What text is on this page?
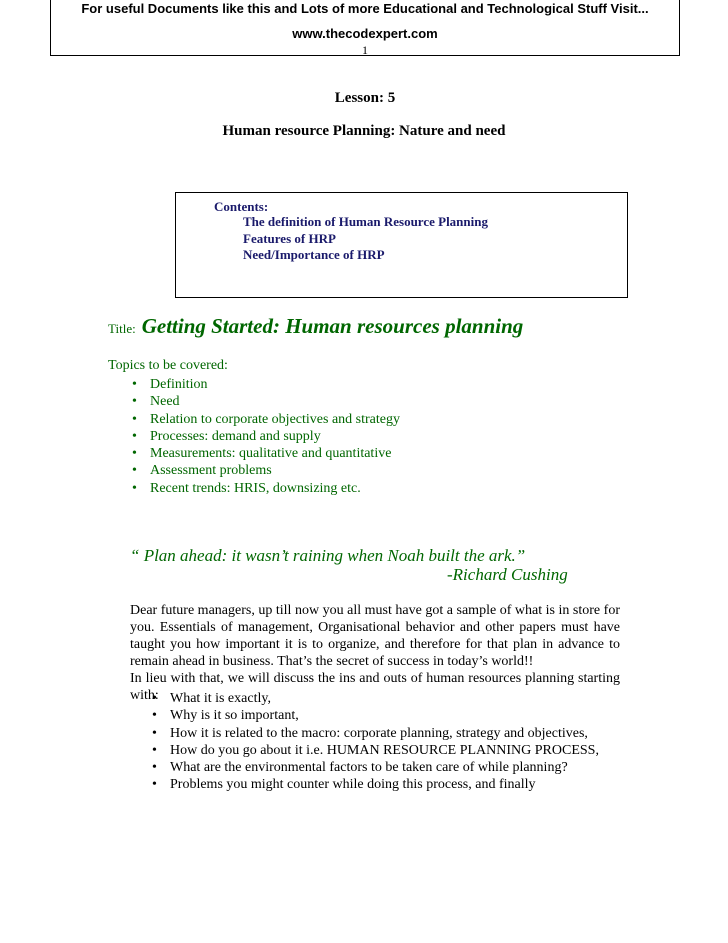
For useful Documents like this and Lots of more Educational and Technological Stuff Visit...
www.thecodexpert.com
1
Lesson: 5
Human resource Planning: Nature and need
Contents:
The definition of Human Resource Planning
Features of HRP
Need/Importance of HRP
Title: Getting Started: Human resources planning
Topics to be covered:
• Definition
• Need
• Relation to corporate objectives and strategy
• Processes: demand and supply
• Measurements: qualitative and quantitative
• Assessment problems
• Recent trends: HRIS, downsizing etc.
“ Plan ahead: it wasn’t raining when Noah built the ark.”
-Richard Cushing

Dear future managers, up till now you all must have got a sample of what is in store for you. Essentials of management, Organisational behavior and other papers must have taught you how important it is to organize, and therefore for that plan in advance to remain ahead in business. That’s the secret of success in today’s world!!

In lieu with that, we will discuss the ins and outs of human resources planning starting with:

• What it is exactly,
• Why is it so important,
• How it is related to the macro: corporate planning, strategy and objectives,
• How do you go about it i.e. HUMAN RESOURCE PLANNING PROCESS,
• What are the environmental factors to be taken care of while planning?
• Problems you might counter while doing this process, and finally
